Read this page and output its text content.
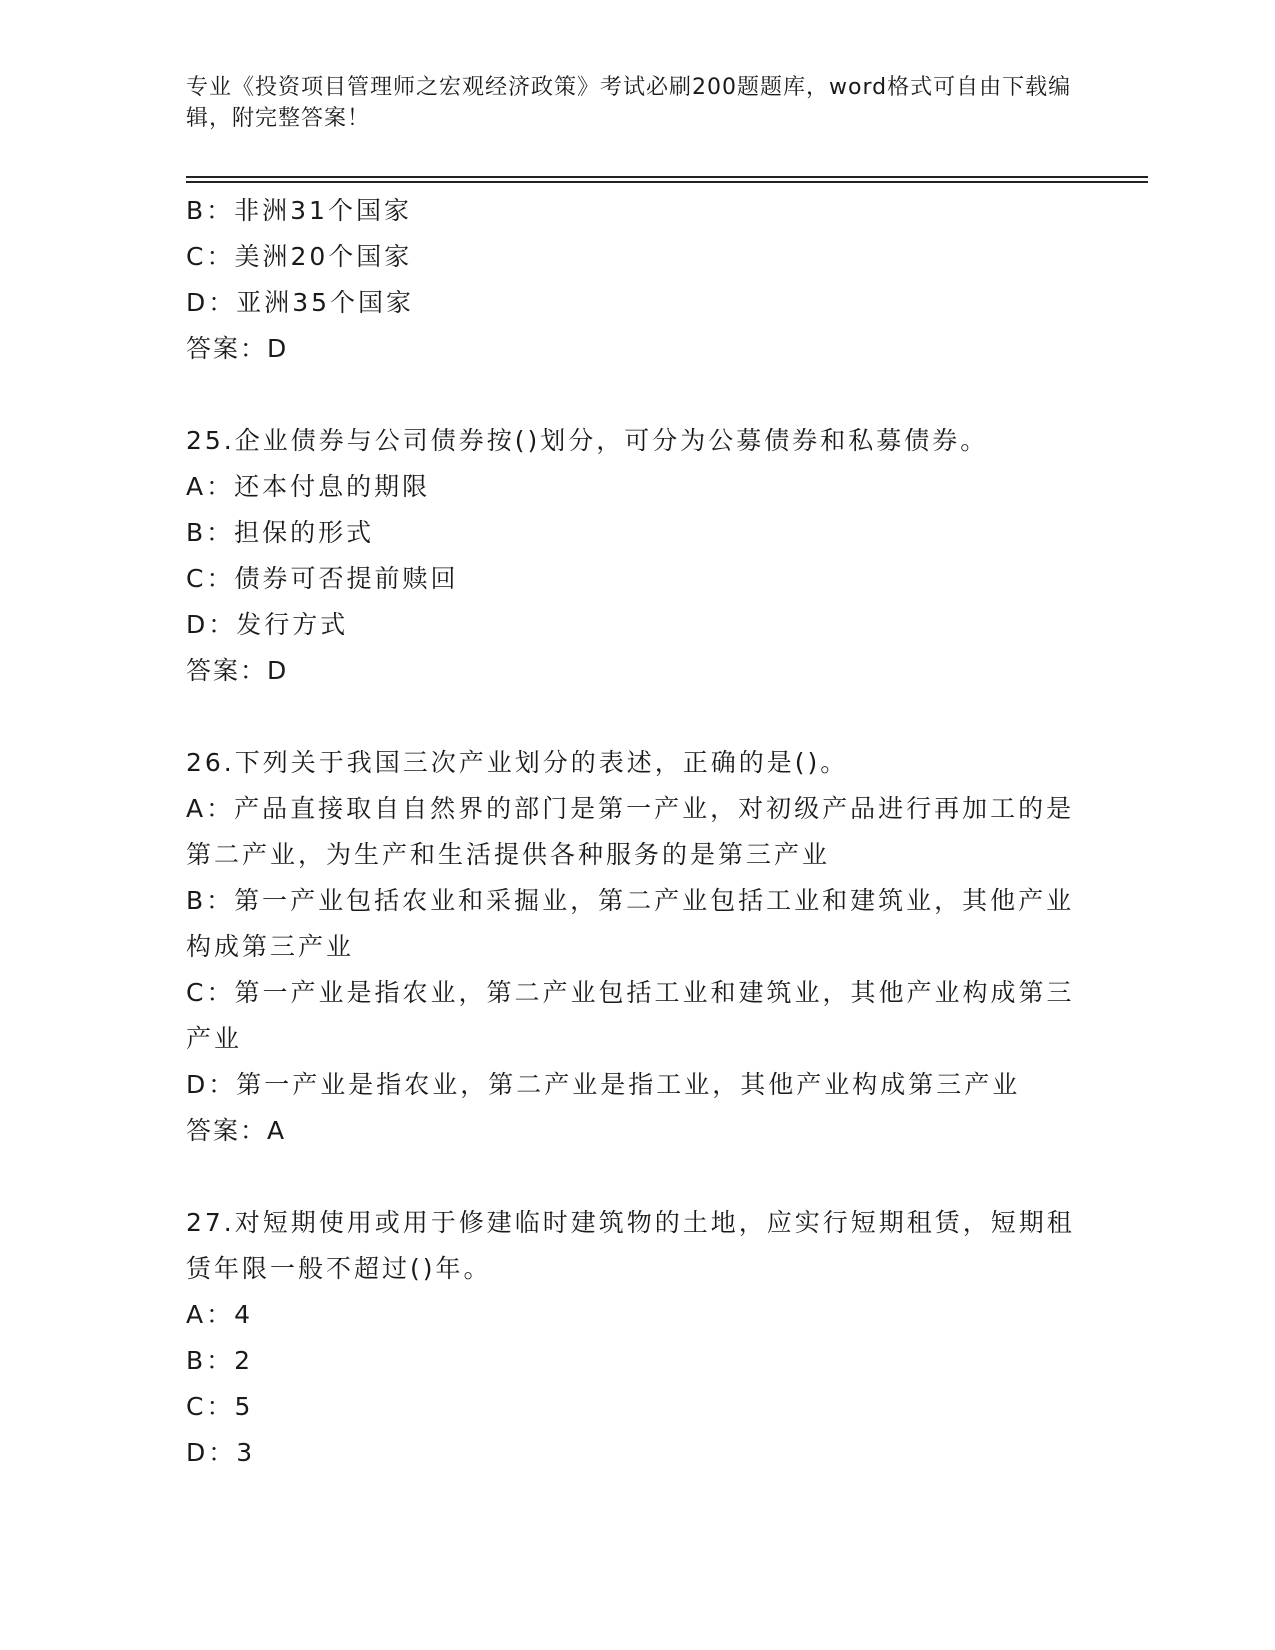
专业《投资项目管理师之宏观经济政策》考试必刷200题题库，word格式可自由下载编辑，附完整答案！

B：非洲31个国家

C：美洲20个国家

D：亚洲35个国家

答案：D

25.企业债券与公司债券按()划分，可分为公募债券和私募债券。

A：还本付息的期限

B：担保的形式

C：债券可否提前赎回

D：发行方式

答案：D

26.下列关于我国三次产业划分的表述，正确的是()。

A：产品直接取自自然界的部门是第一产业，对初级产品进行再加工的是第二产业，为生产和生活提供各种服务的是第三产业

B：第一产业包括农业和采掘业，第二产业包括工业和建筑业，其他产业构成第三产业

C：第一产业是指农业，第二产业包括工业和建筑业，其他产业构成第三产业

D：第一产业是指农业，第二产业是指工业，其他产业构成第三产业

答案：A

27.对短期使用或用于修建临时建筑物的土地，应实行短期租赁，短期租赁年限一般不超过()年。

A：4

B：2

C：5

D：3
